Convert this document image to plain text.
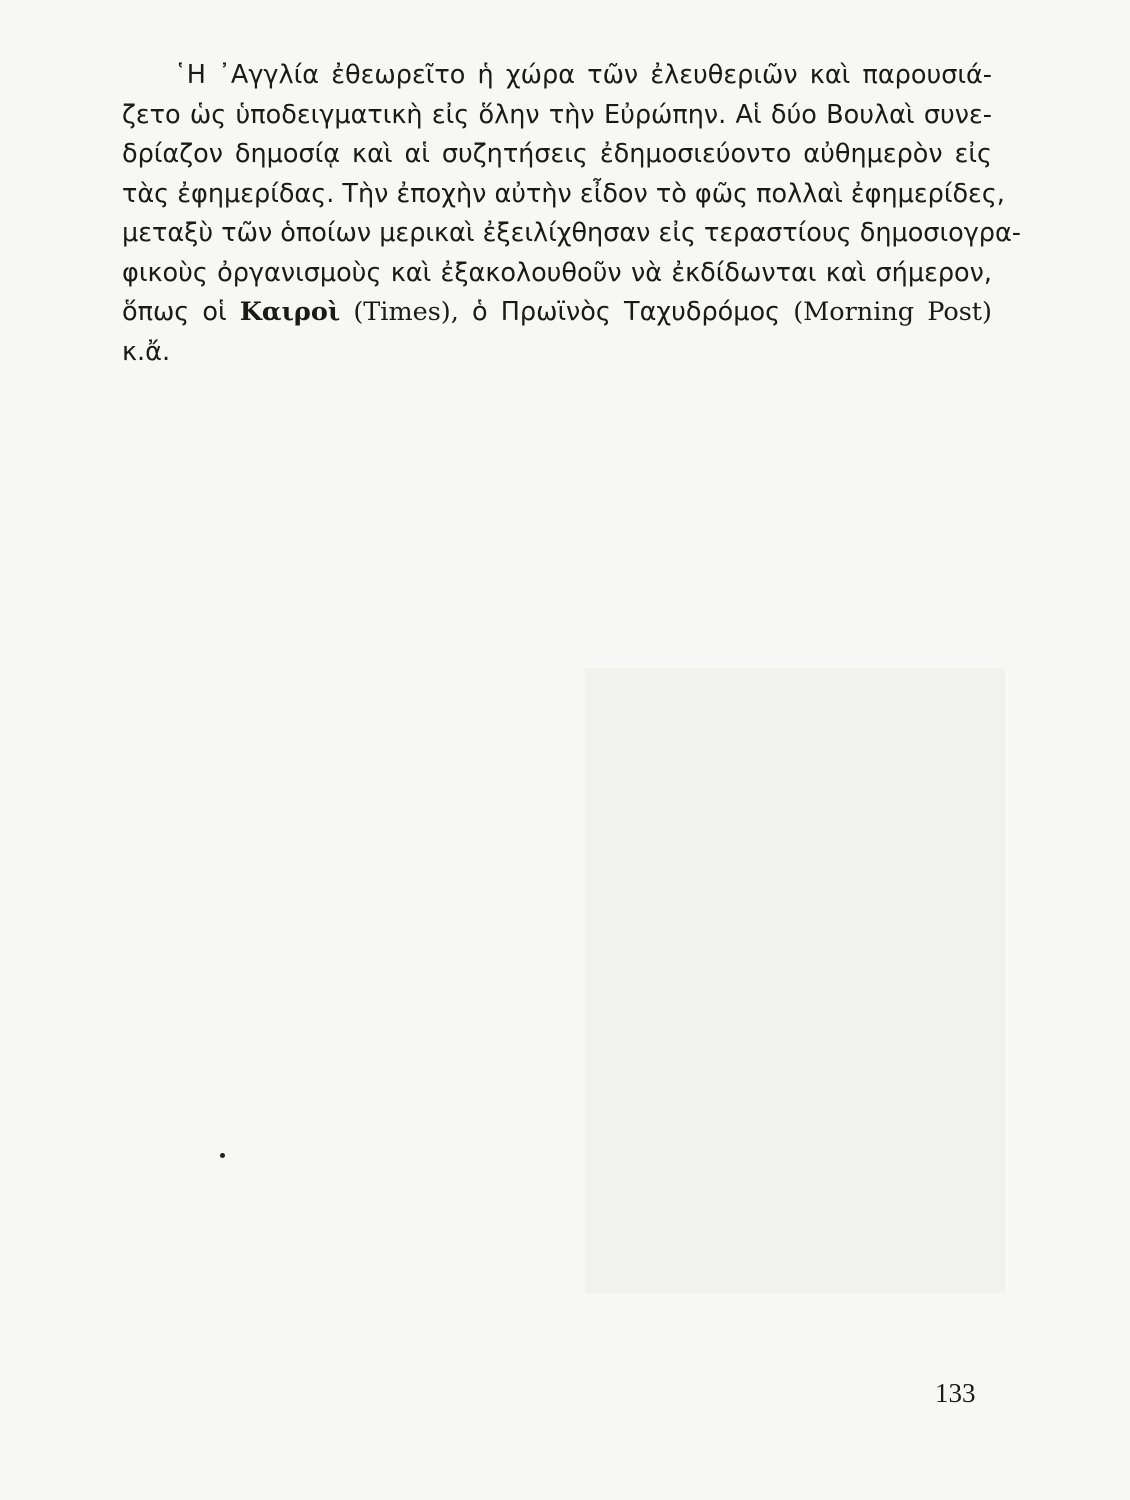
῾Η ᾿Αγγλία ἐθεωρεῖτο ἡ χώρα τῶν ἐλευθεριῶν καὶ παρουσιά-
ζετο ὡς ὑποδειγματικὴ εἰς ὅλην τὴν Εὐρώπην. Αἱ δύο Βουλαὶ συνε-
δρίαζον δημοσίᾳ καὶ αἱ συζητήσεις ἐδημοσιεύοντο αὐθημερὸν εἰς
τὰς ἐφημερίδας. Τὴν ἐποχὴν αὐτὴν εἶδον τὸ φῶς πολλαὶ ἐφημερίδες,
μεταξὺ τῶν ὁποίων μερικαὶ ἐξειλίχθησαν εἰς τεραστίους δημοσιογρα-
φικοὺς ὀργανισμοὺς καὶ ἐξακολουθοῦν νὰ ἐκδίδωνται καὶ σήμερον,
ὅπως οἱ Καιροὶ (Times), ὁ Πρωϊνὸς Ταχυδρόμος (Morning Post)
κ.ἄ.
133
